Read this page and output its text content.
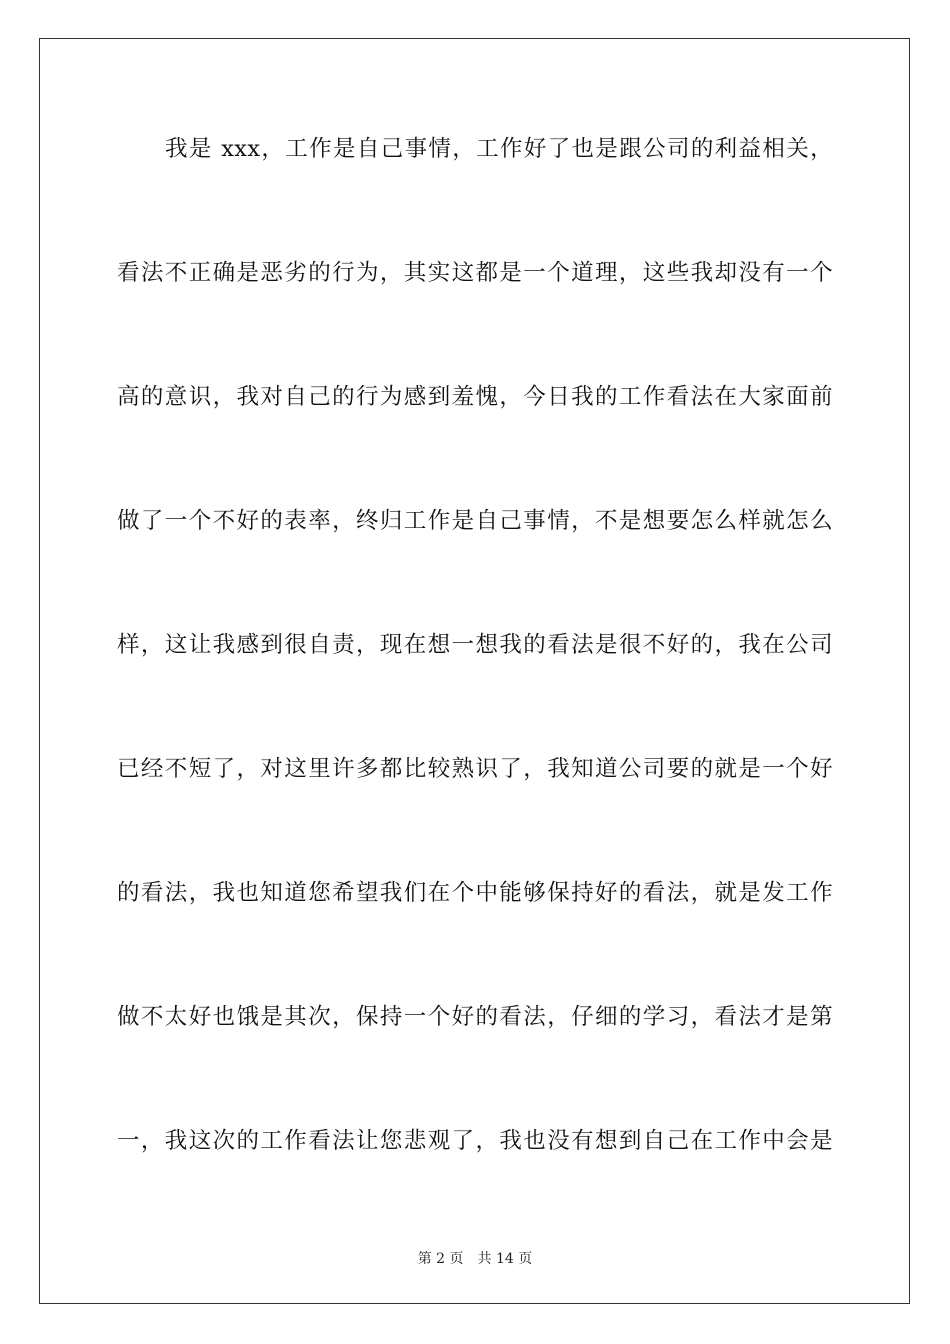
我是 xxx，工作是自己事情，工作好了也是跟公司的利益相关，
看法不正确是恶劣的行为，其实这都是一个道理，这些我却没有一个
高的意识，我对自己的行为感到羞愧，今日我的工作看法在大家面前
做了一个不好的表率，终归工作是自己事情，不是想要怎么样就怎么
样，这让我感到很自责，现在想一想我的看法是很不好的，我在公司
已经不短了，对这里许多都比较熟识了，我知道公司要的就是一个好
的看法，我也知道您希望我们在个中能够保持好的看法，就是发工作
做不太好也饿是其次，保持一个好的看法，仔细的学习，看法才是第
一，我这次的工作看法让您悲观了，我也没有想到自己在工作中会是
第 2 页 共 14 页
